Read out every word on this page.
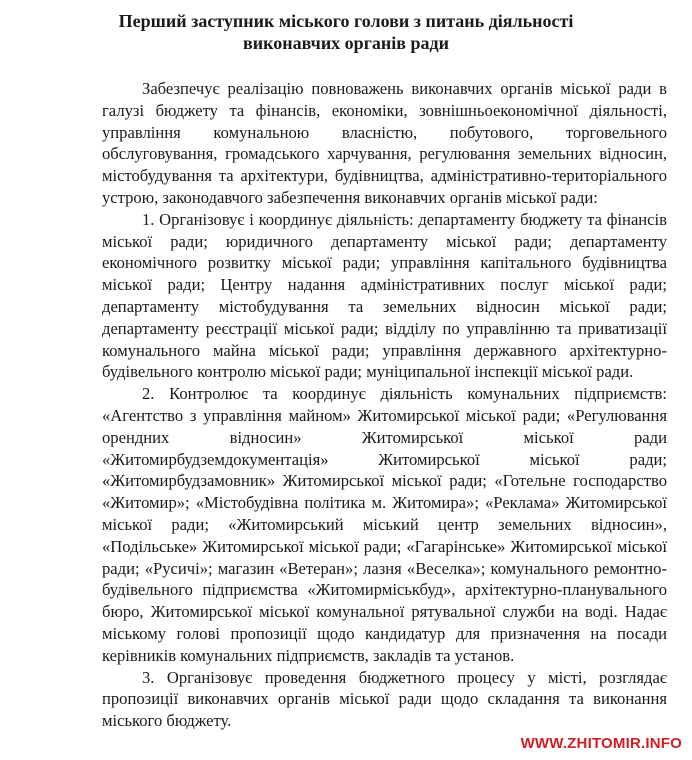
Перший заступник міського голови з питань діяльності
виконавчих органів ради

Забезпечує реалізацію повноважень виконавчих органів міської ради в галузі бюджету та фінансів, економіки, зовнішньоекономічної діяльності, управління комунальною власністю, побутового, торговельного обслуговування, громадського харчування, регулювання земельних відносин, містобудування та архітектури, будівництва, адміністративно-територіального устрою, законодавчого забезпечення виконавчих органів міської ради:

1. Організовує і координує діяльність: департаменту бюджету та фінансів міської ради; юридичного департаменту міської ради; департаменту економічного розвитку міської ради; управління капітального будівництва міської ради; Центру надання адміністративних послуг міської ради; департаменту містобудування та земельних відносин міської ради; департаменту реєстрації міської ради; відділу по управлінню та приватизації комунального майна міської ради; управління державного архітектурно-будівельного контролю міської ради; муніципальної інспекції міської ради.

2. Контролює та координує діяльність комунальних підприємств: «Агентство з управління майном» Житомирської міської ради; «Регулювання орендних відносин» Житомирської міської ради «Житомирбудземдокументація» Житомирської міської ради; «Житомирбудзамовник» Житомирської міської ради; «Готельне господарство «Житомир»; «Містобудівна політика м. Житомира»; «Реклама» Житомирської міської ради; «Житомирський міський центр земельних відносин», «Подільське» Житомирської міської ради; «Гагарінське» Житомирської міської ради; «Русичі»; магазин «Ветеран»; лазня «Веселка»; комунального ремонтно-будівельного підприємства «Житомирміськбуд», архітектурно-планувального бюро, Житомирської міської комунальної рятувальної служби на воді. Надає міському голові пропозиції щодо кандидатур для призначення на посади керівників комунальних підприємств, закладів та установ.

3. Організовує проведення бюджетного процесу у місті, розглядає пропозиції виконавчих органів міської ради щодо складання та виконання міського бюджету.

WWW.ZHITOMIR.INFO
